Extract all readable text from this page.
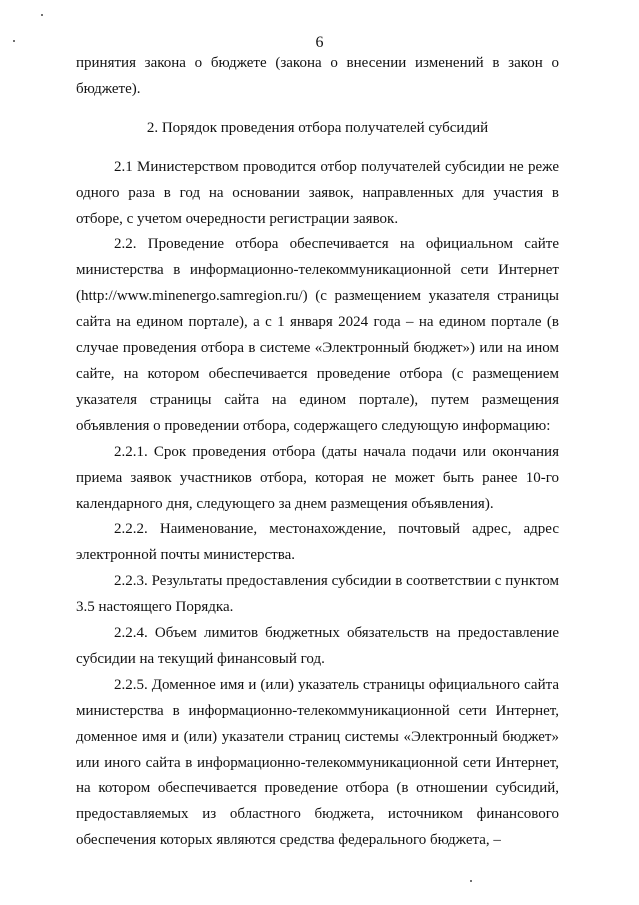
6

принятия закона о бюджете (закона о внесении изменений в закон о бюджете).

2. Порядок проведения отбора получателей субсидий

2.1 Министерством проводится отбор получателей субсидии не реже одного раза в год на основании заявок, направленных для участия в отборе, с учетом очередности регистрации заявок.

2.2. Проведение отбора обеспечивается на официальном сайте министерства в информационно-телекоммуникационной сети Интернет (http://www.minenergo.samregion.ru/) (с размещением указателя страницы сайта на едином портале), а с 1 января 2024 года – на едином портале (в случае проведения отбора в системе «Электронный бюджет») или на ином сайте, на котором обеспечивается проведение отбора (с размещением указателя страницы сайта на едином портале), путем размещения объявления о проведении отбора, содержащего следующую информацию:

2.2.1. Срок проведения отбора (даты начала подачи или окончания приема заявок участников отбора, которая не может быть ранее 10-го календарного дня, следующего за днем размещения объявления).

2.2.2. Наименование, местонахождение, почтовый адрес, адрес электронной почты министерства.

2.2.3. Результаты предоставления субсидии в соответствии с пунктом 3.5 настоящего Порядка.

2.2.4. Объем лимитов бюджетных обязательств на предоставление субсидии на текущий финансовый год.

2.2.5. Доменное имя и (или) указатель страницы официального сайта министерства в информационно-телекоммуникационной сети Интернет, доменное имя и (или) указатели страниц системы «Электронный бюджет» или иного сайта в информационно-телекоммуникационной сети Интернет, на котором обеспечивается проведение отбора (в отношении субсидий, предоставляемых из областного бюджета, источником финансового обеспечения которых являются средства федерального бюджета, –
